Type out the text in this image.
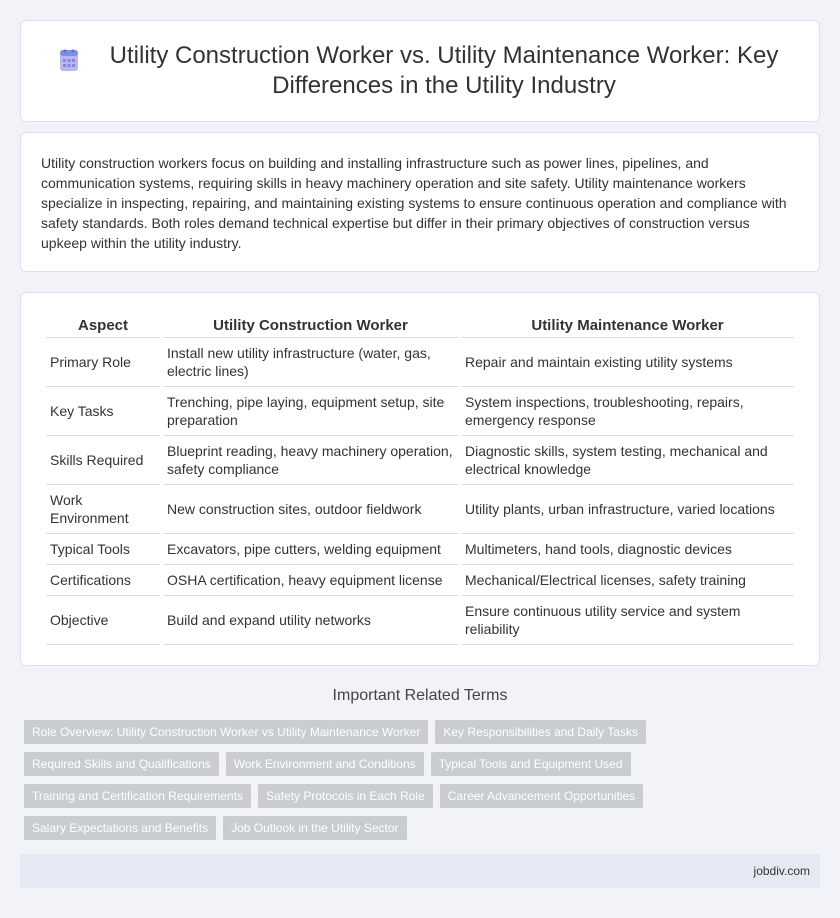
Utility Construction Worker vs. Utility Maintenance Worker: Key Differences in the Utility Industry

Utility construction workers focus on building and installing infrastructure such as power lines, pipelines, and communication systems, requiring skills in heavy machinery operation and site safety. Utility maintenance workers specialize in inspecting, repairing, and maintaining existing systems to ensure continuous operation and compliance with safety standards. Both roles demand technical expertise but differ in their primary objectives of construction versus upkeep within the utility industry.

Aspect	Utility Construction Worker	Utility Maintenance Worker
Primary Role	Install new utility infrastructure (water, gas, electric lines)	Repair and maintain existing utility systems
Key Tasks	Trenching, pipe laying, equipment setup, site preparation	System inspections, troubleshooting, repairs, emergency response
Skills Required	Blueprint reading, heavy machinery operation, safety compliance	Diagnostic skills, system testing, mechanical and electrical knowledge
Work Environment	New construction sites, outdoor fieldwork	Utility plants, urban infrastructure, varied locations
Typical Tools	Excavators, pipe cutters, welding equipment	Multimeters, hand tools, diagnostic devices
Certifications	OSHA certification, heavy equipment license	Mechanical/Electrical licenses, safety training
Objective	Build and expand utility networks	Ensure continuous utility service and system reliability
Important Related Terms
Role Overview: Utility Construction Worker vs Utility Maintenance Worker	Key Responsibilities and Daily Tasks
Required Skills and Qualifications	Work Environment and Conditions	Typical Tools and Equipment Used
Training and Certification Requirements	Safety Protocols in Each Role	Career Advancement Opportunities
Salary Expectations and Benefits	Job Outlook in the Utility Sector
jobdiv.com
